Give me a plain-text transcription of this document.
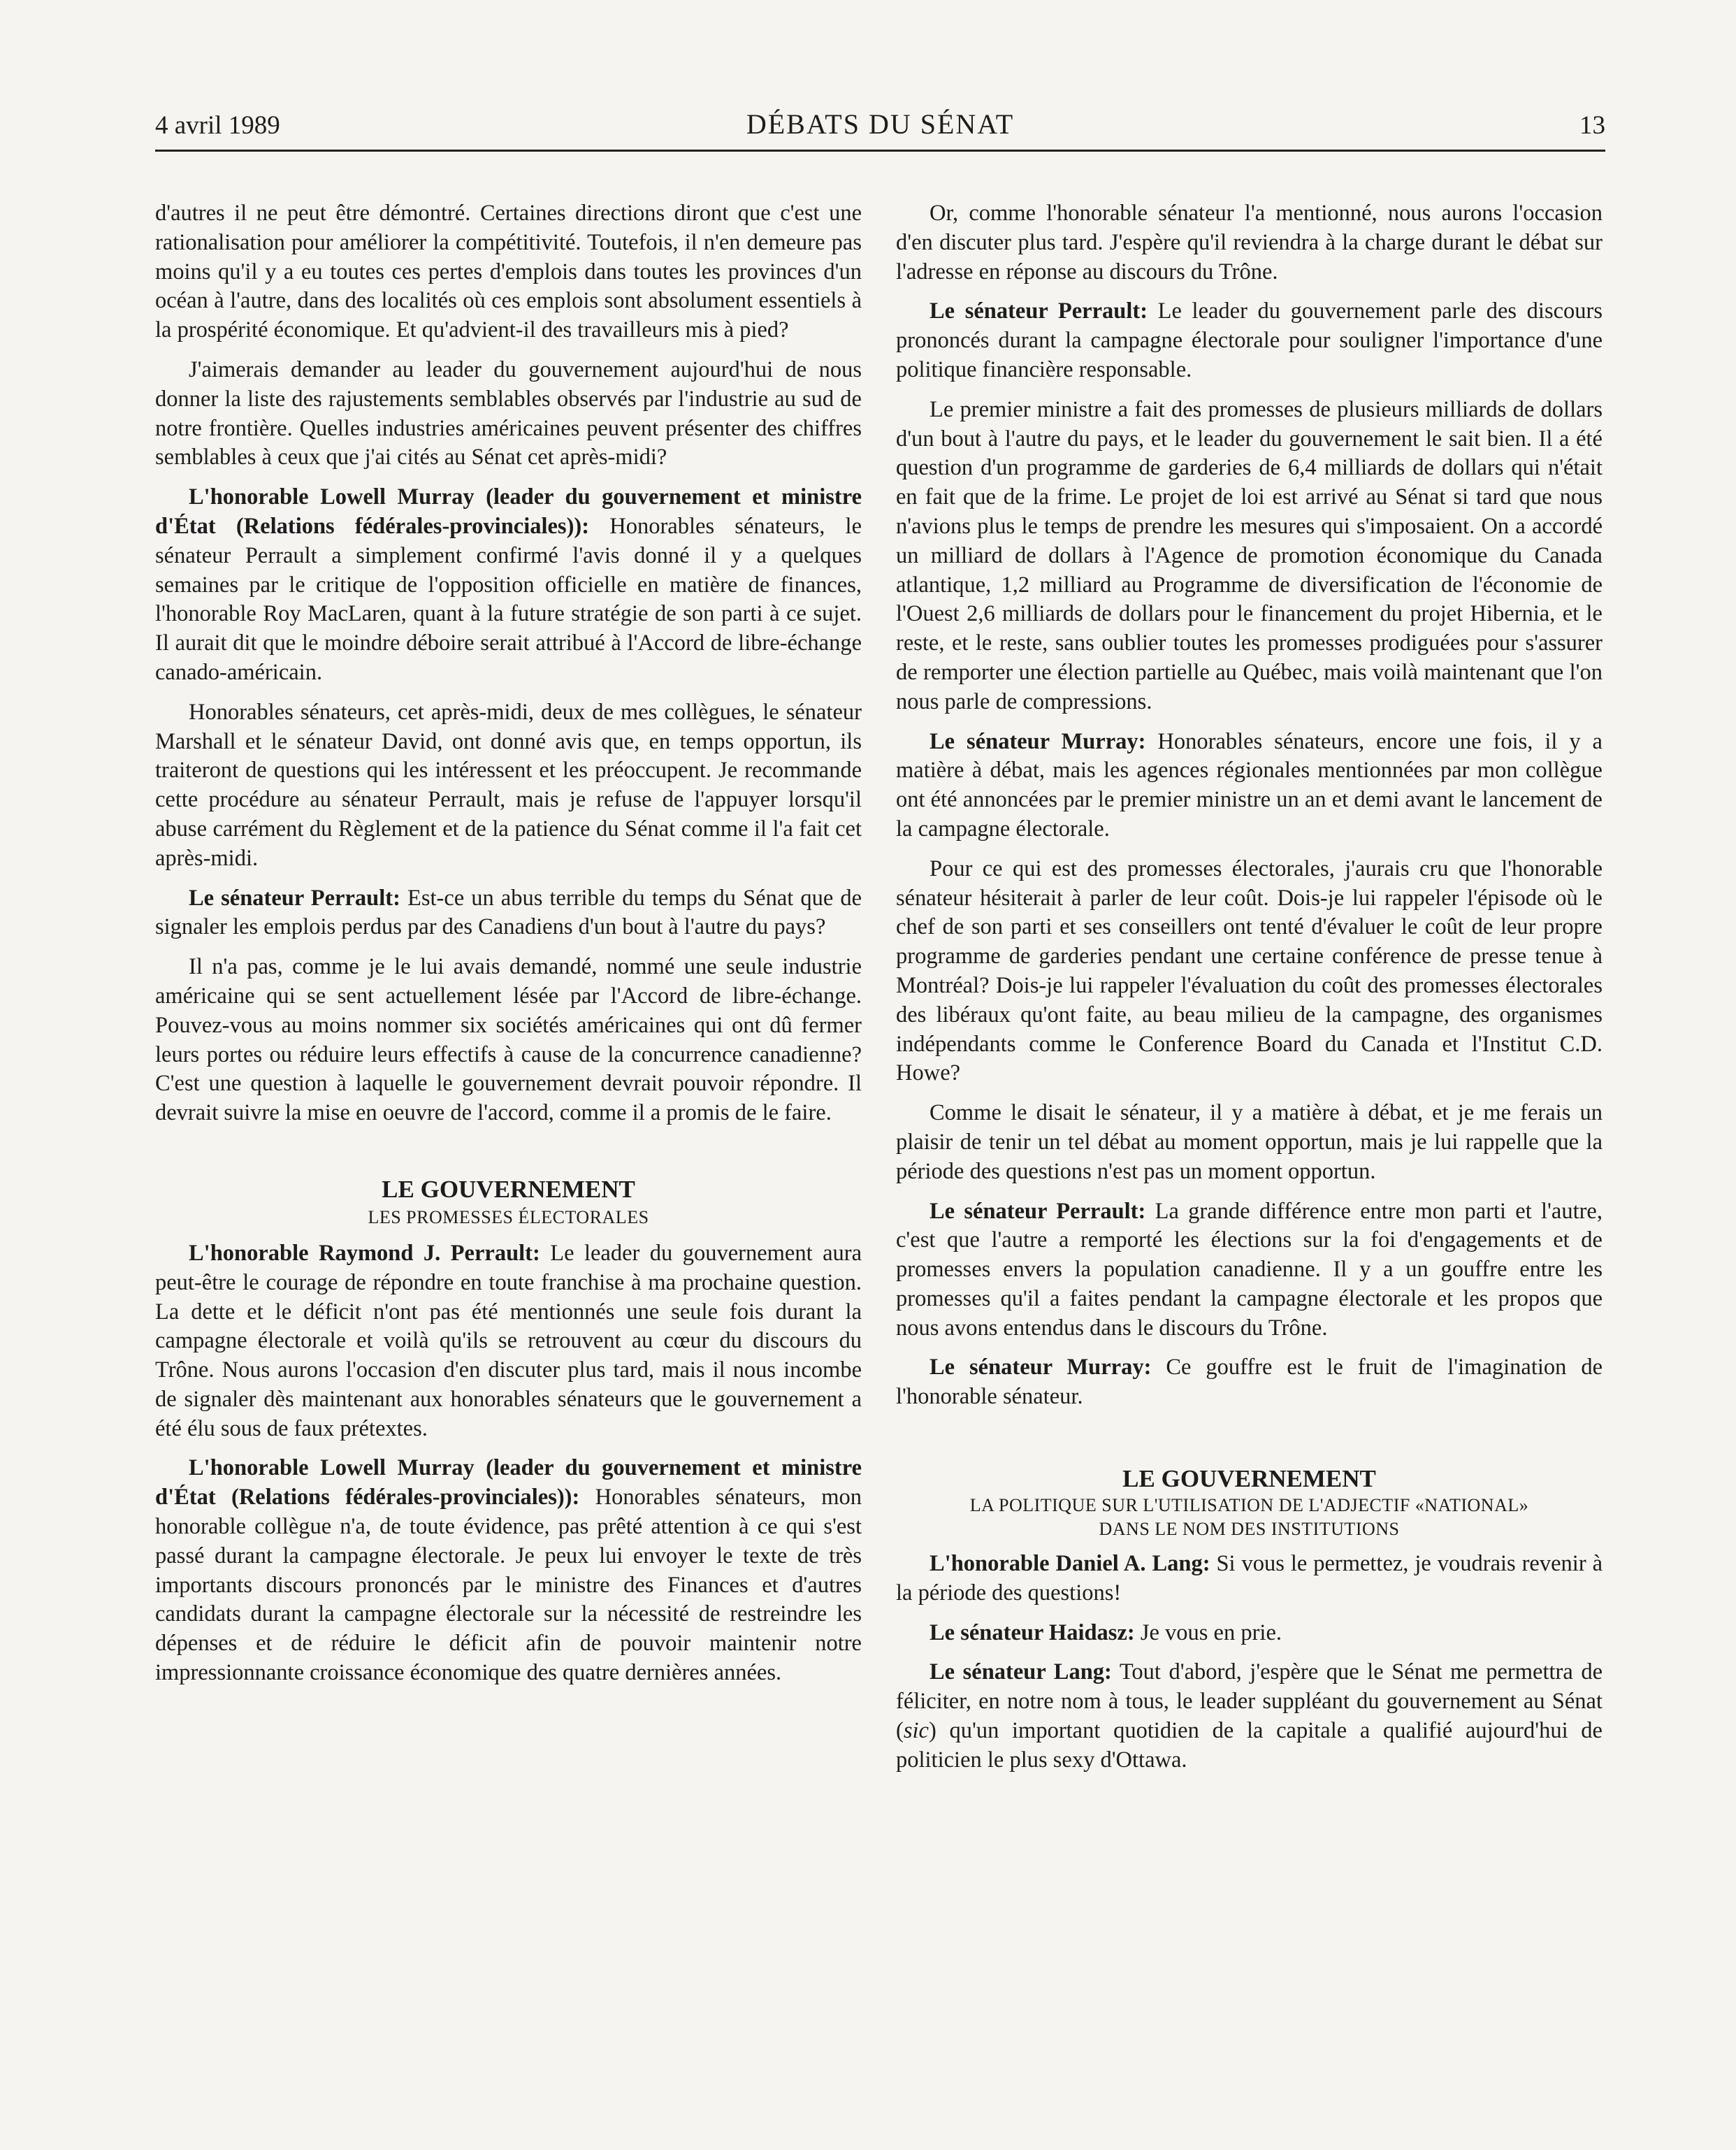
4 avril 1989	DÉBATS DU SÉNAT	13

d'autres il ne peut être démontré. Certaines directions diront que c'est une rationalisation pour améliorer la compétitivité. Toutefois, il n'en demeure pas moins qu'il y a eu toutes ces pertes d'emplois dans toutes les provinces d'un océan à l'autre, dans des localités où ces emplois sont absolument essentiels à la prospérité économique. Et qu'advient-il des travailleurs mis à pied?

J'aimerais demander au leader du gouvernement aujourd'hui de nous donner la liste des rajustements semblables observés par l'industrie au sud de notre frontière. Quelles industries américaines peuvent présenter des chiffres semblables à ceux que j'ai cités au Sénat cet après-midi?

L'honorable Lowell Murray (leader du gouvernement et ministre d'État (Relations fédérales-provinciales)): Honorables sénateurs, le sénateur Perrault a simplement confirmé l'avis donné il y a quelques semaines par le critique de l'opposition officielle en matière de finances, l'honorable Roy MacLaren, quant à la future stratégie de son parti à ce sujet. Il aurait dit que le moindre déboire serait attribué à l'Accord de libre-échange canado-américain.

Honorables sénateurs, cet après-midi, deux de mes collègues, le sénateur Marshall et le sénateur David, ont donné avis que, en temps opportun, ils traiteront de questions qui les intéressent et les préoccupent. Je recommande cette procédure au sénateur Perrault, mais je refuse de l'appuyer lorsqu'il abuse carrément du Règlement et de la patience du Sénat comme il l'a fait cet après-midi.

Le sénateur Perrault: Est-ce un abus terrible du temps du Sénat que de signaler les emplois perdus par des Canadiens d'un bout à l'autre du pays?

Il n'a pas, comme je le lui avais demandé, nommé une seule industrie américaine qui se sent actuellement lésée par l'Accord de libre-échange. Pouvez-vous au moins nommer six sociétés américaines qui ont dû fermer leurs portes ou réduire leurs effectifs à cause de la concurrence canadienne? C'est une question à laquelle le gouvernement devrait pouvoir répondre. Il devrait suivre la mise en oeuvre de l'accord, comme il a promis de le faire.

LE GOUVERNEMENT
LES PROMESSES ÉLECTORALES

L'honorable Raymond J. Perrault: Le leader du gouvernement aura peut-être le courage de répondre en toute franchise à ma prochaine question. La dette et le déficit n'ont pas été mentionnés une seule fois durant la campagne électorale et voilà qu'ils se retrouvent au cœur du discours du Trône. Nous aurons l'occasion d'en discuter plus tard, mais il nous incombe de signaler dès maintenant aux honorables sénateurs que le gouvernement a été élu sous de faux prétextes.

L'honorable Lowell Murray (leader du gouvernement et ministre d'État (Relations fédérales-provinciales)): Honorables sénateurs, mon honorable collègue n'a, de toute évidence, pas prêté attention à ce qui s'est passé durant la campagne électorale. Je peux lui envoyer le texte de très importants discours prononcés par le ministre des Finances et d'autres candidats durant la campagne électorale sur la nécessité de restreindre les dépenses et de réduire le déficit afin de pouvoir maintenir notre impressionnante croissance économique des quatre dernières années.

Or, comme l'honorable sénateur l'a mentionné, nous aurons l'occasion d'en discuter plus tard. J'espère qu'il reviendra à la charge durant le débat sur l'adresse en réponse au discours du Trône.

Le sénateur Perrault: Le leader du gouvernement parle des discours prononcés durant la campagne électorale pour souligner l'importance d'une politique financière responsable.

Le premier ministre a fait des promesses de plusieurs milliards de dollars d'un bout à l'autre du pays, et le leader du gouvernement le sait bien. Il a été question d'un programme de garderies de 6,4 milliards de dollars qui n'était en fait que de la frime. Le projet de loi est arrivé au Sénat si tard que nous n'avions plus le temps de prendre les mesures qui s'imposaient. On a accordé un milliard de dollars à l'Agence de promotion économique du Canada atlantique, 1,2 milliard au Programme de diversification de l'économie de l'Ouest 2,6 milliards de dollars pour le financement du projet Hibernia, et le reste, et le reste, sans oublier toutes les promesses prodiguées pour s'assurer de remporter une élection partielle au Québec, mais voilà maintenant que l'on nous parle de compressions.

Le sénateur Murray: Honorables sénateurs, encore une fois, il y a matière à débat, mais les agences régionales mentionnées par mon collègue ont été annoncées par le premier ministre un an et demi avant le lancement de la campagne électorale.

Pour ce qui est des promesses électorales, j'aurais cru que l'honorable sénateur hésiterait à parler de leur coût. Dois-je lui rappeler l'épisode où le chef de son parti et ses conseillers ont tenté d'évaluer le coût de leur propre programme de garderies pendant une certaine conférence de presse tenue à Montréal? Dois-je lui rappeler l'évaluation du coût des promesses électorales des libéraux qu'ont faite, au beau milieu de la campagne, des organismes indépendants comme le Conference Board du Canada et l'Institut C.D. Howe?

Comme le disait le sénateur, il y a matière à débat, et je me ferais un plaisir de tenir un tel débat au moment opportun, mais je lui rappelle que la période des questions n'est pas un moment opportun.

Le sénateur Perrault: La grande différence entre mon parti et l'autre, c'est que l'autre a remporté les élections sur la foi d'engagements et de promesses envers la population canadienne. Il y a un gouffre entre les promesses qu'il a faites pendant la campagne électorale et les propos que nous avons entendus dans le discours du Trône.

Le sénateur Murray: Ce gouffre est le fruit de l'imagination de l'honorable sénateur.

LE GOUVERNEMENT
LA POLITIQUE SUR L'UTILISATION DE L'ADJECTIF «NATIONAL»
DANS LE NOM DES INSTITUTIONS

L'honorable Daniel A. Lang: Si vous le permettez, je voudrais revenir à la période des questions!

Le sénateur Haidasz: Je vous en prie.

Le sénateur Lang: Tout d'abord, j'espère que le Sénat me permettra de féliciter, en notre nom à tous, le leader suppléant du gouvernement au Sénat (sic) qu'un important quotidien de la capitale a qualifié aujourd'hui de politicien le plus sexy d'Ottawa.
